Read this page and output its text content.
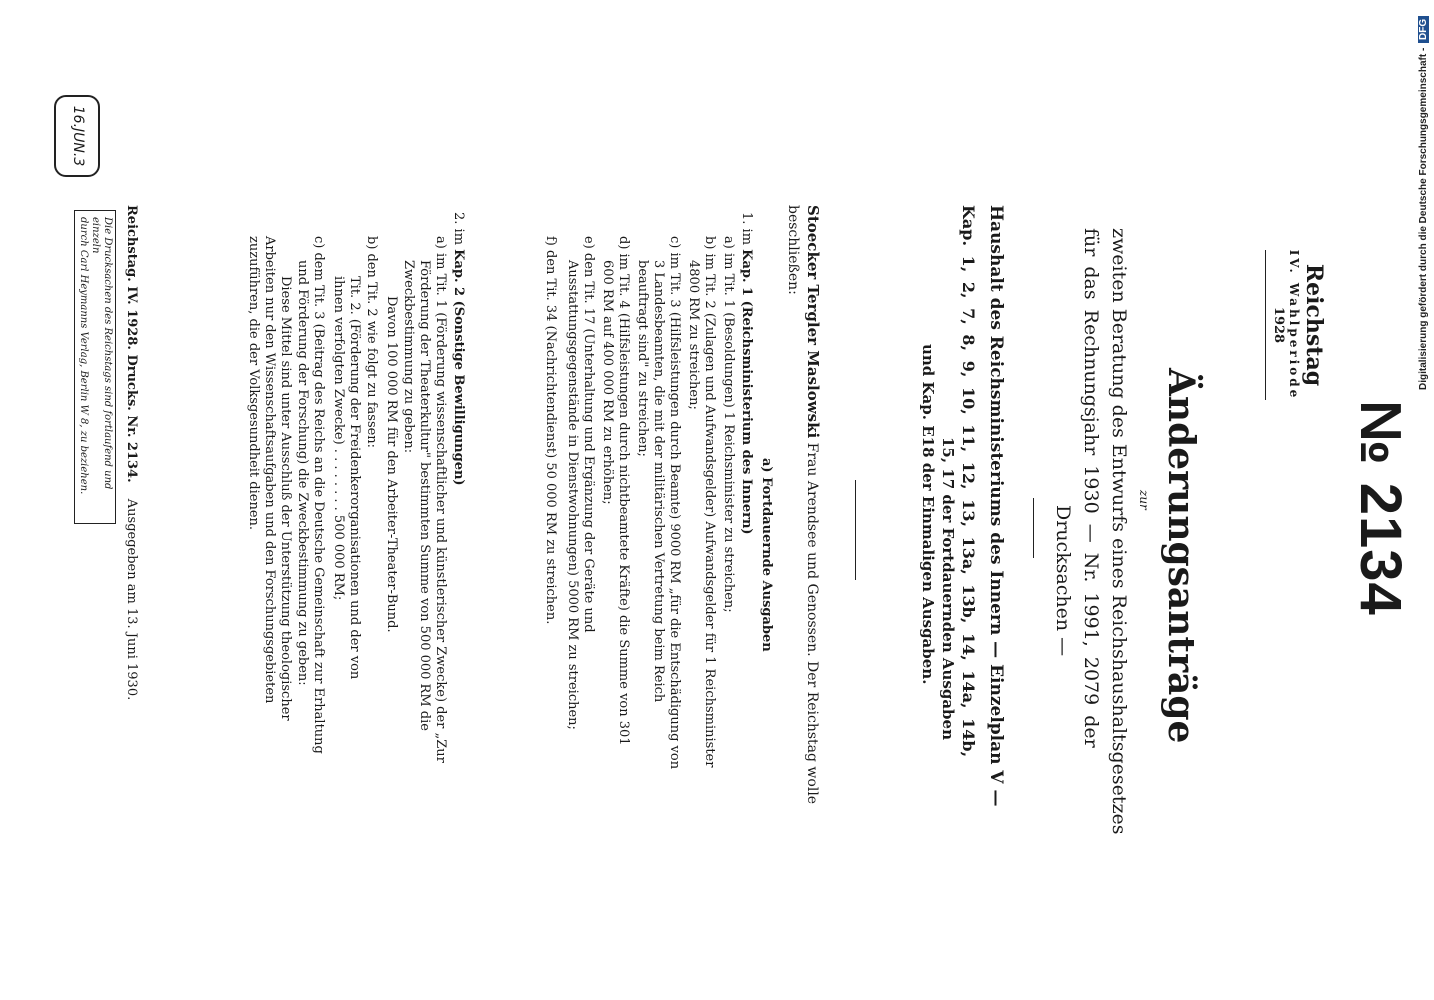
Digitalisierung gefördert durch die Deutsche Forschungsgemeinschaft - DFG
16.JUN.3
№ 2134
Reichstag
IV. Wahlperiode
1928
Änderungsanträge
zur
zweiten Beratung des Entwurfs eines Reichshaushaltsgesetzes
für das Rechnungsjahr 1930 — Nr. 1991, 2079 der
Drucksachen —
Haushalt des Reichsministeriums des Innern — Einzelplan V —
Kap. 1, 2, 7, 8, 9, 10, 11, 12, 13, 13a, 13b, 14, 14a, 14b,
15, 17 der Fortdauernden Ausgaben
und Kap. E18 der Einmaligen Ausgaben.
Stoecker Tergler Maslowski Frau Arendsee und Genossen. Der Reichstag wolle beschließen:
a) Fortdauernde Ausgaben

1. im Kap. 1 (Reichsministerium des Innern)

a) im Tit. 1 (Besoldungen) 1 Reichsminister zu streichen;

b) im Tit. 2 (Zulagen und Aufwandsgelder) Aufwandsgelder für 1 Reichsminister 4800 RM zu streichen;

c) im Tit. 3 (Hilfsleistungen durch Beamte) 9000 RM „für die Entschädigung von 3 Landesbeamten, die mit der militärischen Vertretung beim Reich beauftragt sind" zu streichen;

d) im Tit. 4 (Hilfsleistungen durch nichtbeamtete Kräfte) die Summe von 301 600 RM auf 400 000 RM zu erhöhen;

e) den Tit. 17 (Unterhaltung und Ergänzung der Geräte und Ausstattungsgegenstände in Dienstwohnungen) 5000 RM zu streichen;

f) den Tit. 34 (Nachrichtendienst) 50 000 RM zu streichen.

2. im Kap. 2 (Sonstige Bewilligungen)

a) im Tit. 1 (Förderung wissenschaftlicher und künstlerischer Zwecke) der „Zur Förderung der Theaterkultur" bestimmten Summe von 500 000 RM die Zweckbestimmung zu geben:

Davon 100 000 RM für den Arbeiter-Theater-Bund.

b) den Tit. 2 wie folgt zu fassen:

Tit. 2. (Förderung der Freidenkerorganisationen und der von ihnen verfolgten Zwecke) . . . . . . . . 500 000 RM;

c) dem Tit. 3 (Beitrag des Reichs an die Deutsche Gemeinschaft zur Erhaltung und Förderung der Forschung) die Zweckbestimmung zu geben:

Diese Mittel sind unter Ausschluß der Unterstützung theologischer Arbeiten nur den Wissenschaftsaufgaben und den Forschungsgebieten zuzuführen, die der Volksgesundheit dienen.

Reichstag. IV. 1928. Drucks. Nr. 2134. Ausgegeben am 13. Juni 1930.
Die Drucksachen des Reichstags sind fortlaufend und einzeln
durch Carl Heymanns Verlag, Berlin W 8, zu beziehen.
